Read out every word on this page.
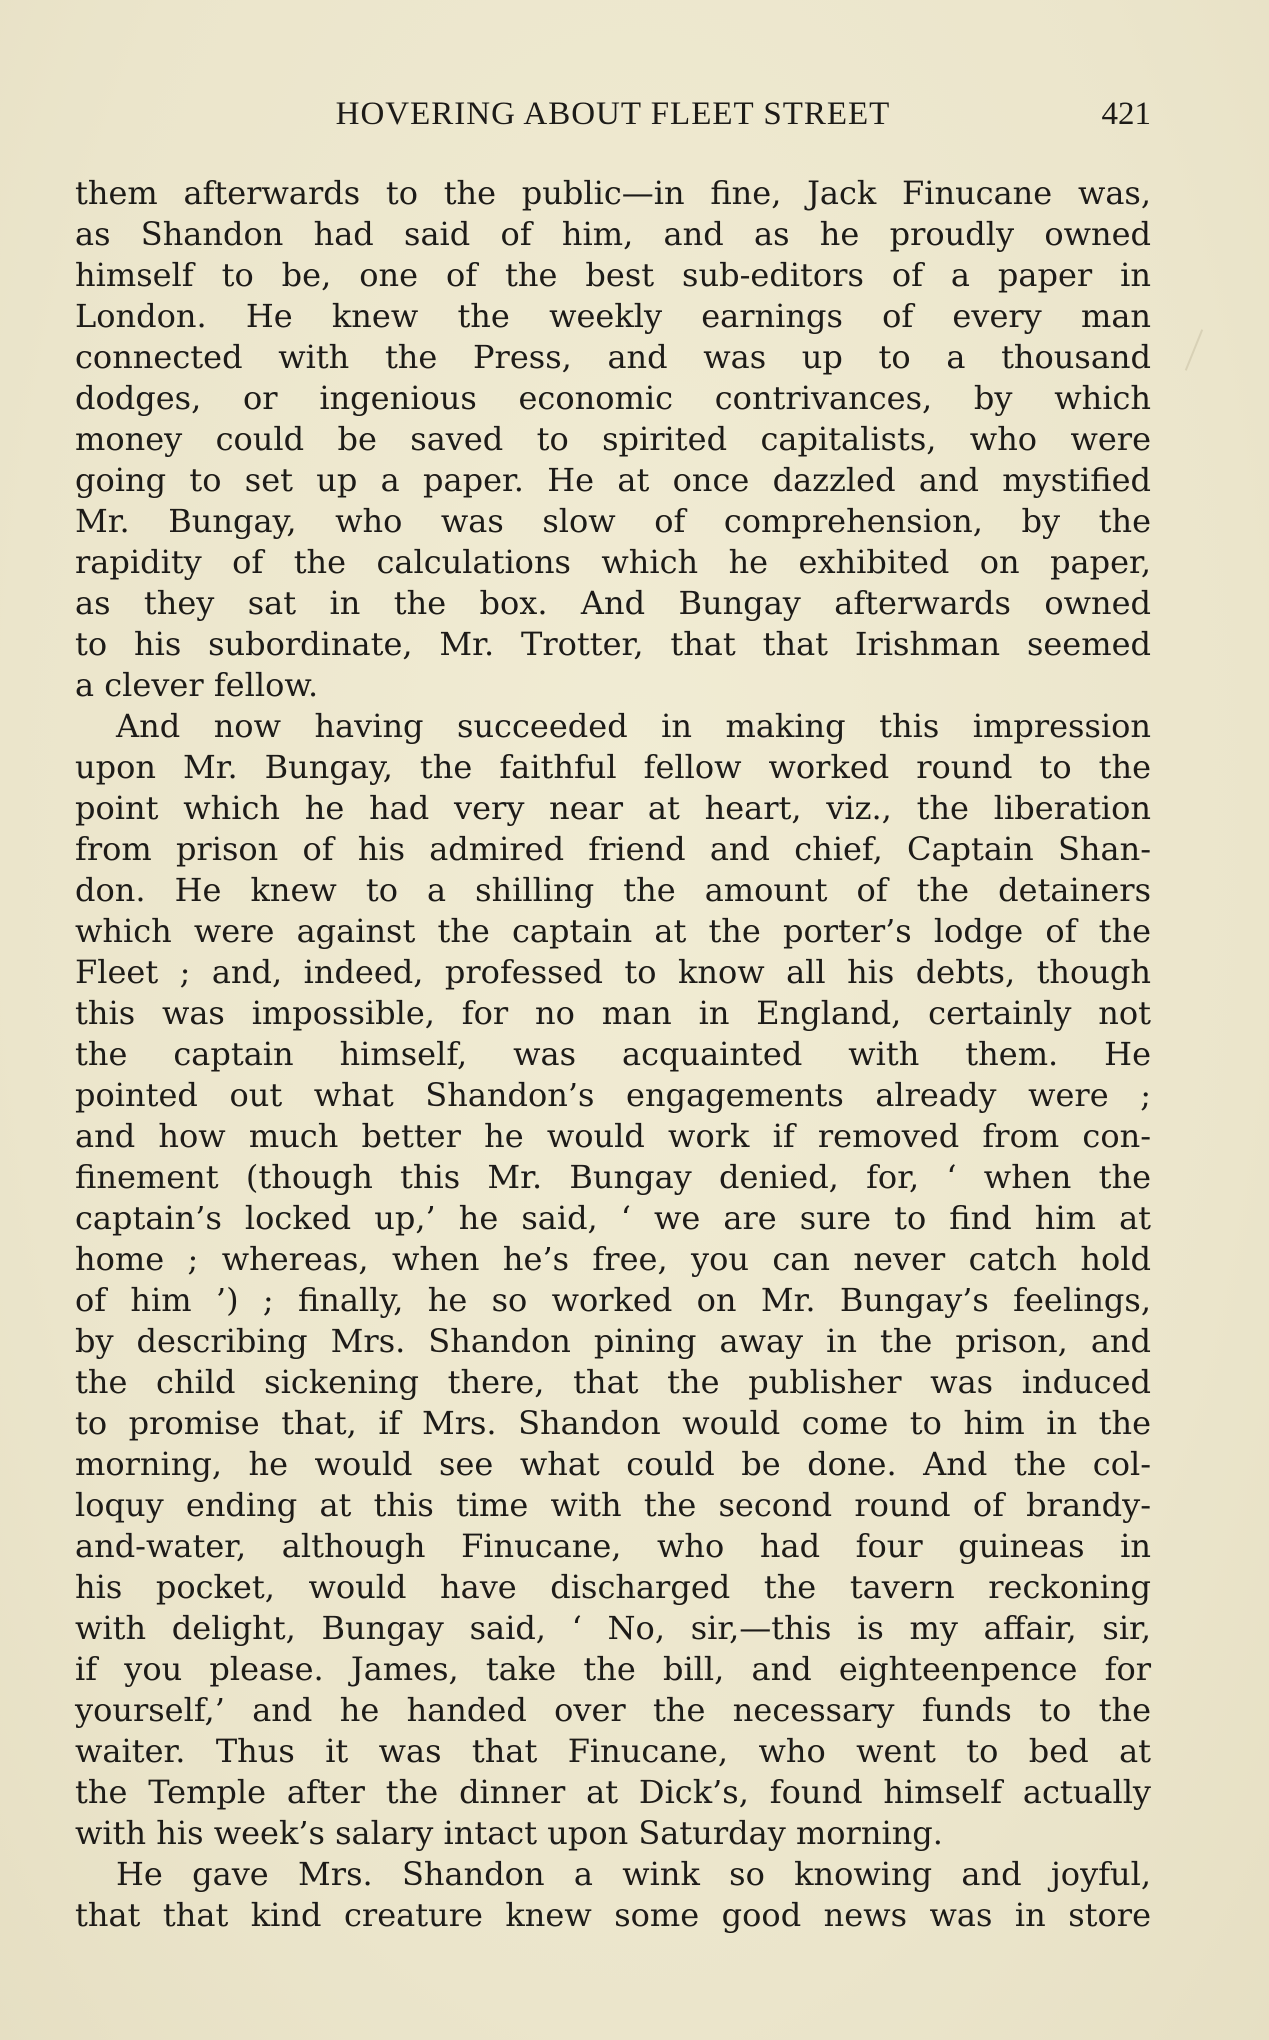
HOVERING ABOUT FLEET STREET	421
them afterwards to the public—in fine, Jack Finucane was,
as Shandon had said of him, and as he proudly owned
himself to be, one of the best sub-editors of a paper in
London. He knew the weekly earnings of every man
connected with the Press, and was up to a thousand
dodges, or ingenious economic contrivances, by which
money could be saved to spirited capitalists, who were
going to set up a paper. He at once dazzled and mystified
Mr. Bungay, who was slow of comprehension, by the
rapidity of the calculations which he exhibited on paper,
as they sat in the box. And Bungay afterwards owned
to his subordinate, Mr. Trotter, that that Irishman seemed
a clever fellow.
And now having succeeded in making this impression
upon Mr. Bungay, the faithful fellow worked round to the
point which he had very near at heart, viz., the liberation
from prison of his admired friend and chief, Captain Shan-
don. He knew to a shilling the amount of the detainers
which were against the captain at the porter’s lodge of the
Fleet ; and, indeed, professed to know all his debts, though
this was impossible, for no man in England, certainly not
the captain himself, was acquainted with them. He
pointed out what Shandon’s engagements already were ;
and how much better he would work if removed from con-
finement (though this Mr. Bungay denied, for, ‘ when the
captain’s locked up,’ he said, ‘ we are sure to find him at
home ; whereas, when he’s free, you can never catch hold
of him ’) ; finally, he so worked on Mr. Bungay’s feelings,
by describing Mrs. Shandon pining away in the prison, and
the child sickening there, that the publisher was induced
to promise that, if Mrs. Shandon would come to him in the
morning, he would see what could be done. And the col-
loquy ending at this time with the second round of brandy-
and-water, although Finucane, who had four guineas in
his pocket, would have discharged the tavern reckoning
with delight, Bungay said, ‘ No, sir,—this is my affair, sir,
if you please. James, take the bill, and eighteenpence for
yourself,’ and he handed over the necessary funds to the
waiter. Thus it was that Finucane, who went to bed at
the Temple after the dinner at Dick’s, found himself actually
with his week’s salary intact upon Saturday morning.
He gave Mrs. Shandon a wink so knowing and joyful,
that that kind creature knew some good news was in store
